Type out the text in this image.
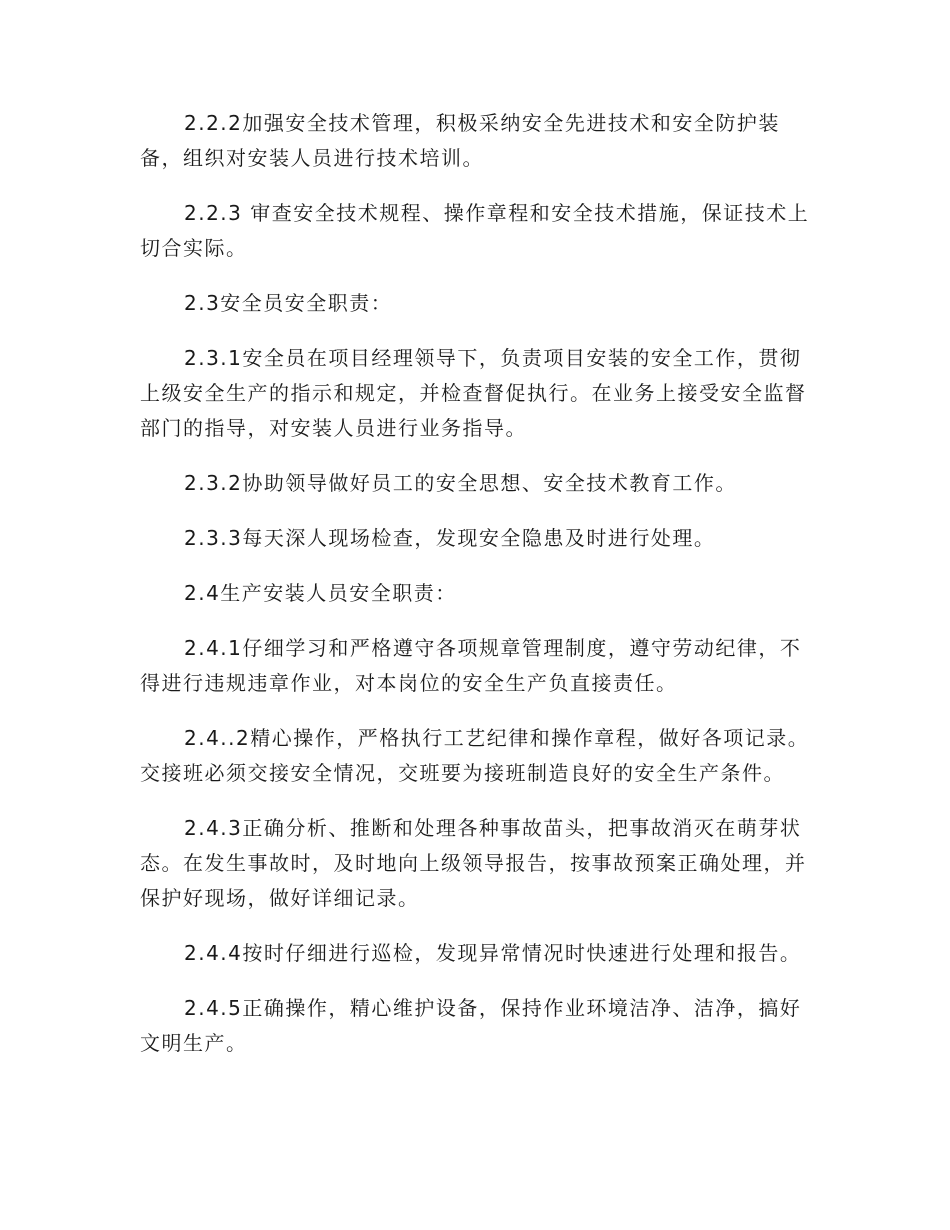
2.2.2加强安全技术管理，积极采纳安全先进技术和安全防护装备，组织对安装人员进行技术培训。

2.2.3 审查安全技术规程、操作章程和安全技术措施，保证技术上切合实际。

2.3安全员安全职责：

2.3.1安全员在项目经理领导下，负责项目安装的安全工作，贯彻上级安全生产的指示和规定，并检查督促执行。在业务上接受安全监督部门的指导，对安装人员进行业务指导。

2.3.2协助领导做好员工的安全思想、安全技术教育工作。

2.3.3每天深人现场检查，发现安全隐患及时进行处理。

2.4生产安装人员安全职责：

2.4.1仔细学习和严格遵守各项规章管理制度，遵守劳动纪律，不得进行违规违章作业，对本岗位的安全生产负直接责任。

2.4..2精心操作，严格执行工艺纪律和操作章程，做好各项记录。交接班必须交接安全情况，交班要为接班制造良好的安全生产条件。

2.4.3正确分析、推断和处理各种事故苗头，把事故消灭在萌芽状态。在发生事故时，及时地向上级领导报告，按事故预案正确处理，并保护好现场，做好详细记录。

2.4.4按时仔细进行巡检，发现异常情况时快速进行处理和报告。

2.4.5正确操作，精心维护设备，保持作业环境洁净、洁净，搞好文明生产。
